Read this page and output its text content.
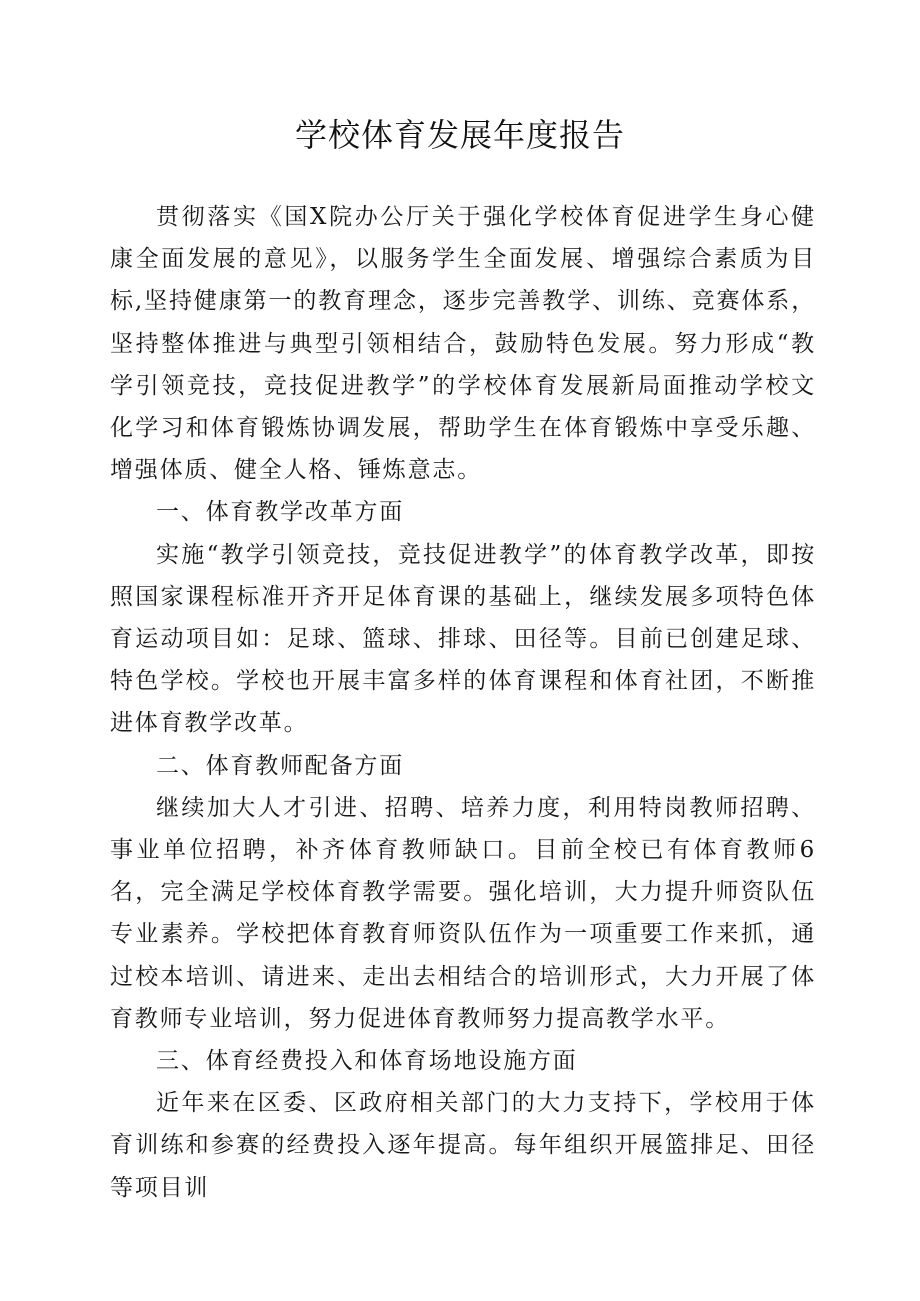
学校体育发展年度报告

贯彻落实《国X院办公厅关于强化学校体育促进学生身心健康全面发展的意见》，以服务学生全面发展、增强综合素质为目标,坚持健康第一的教育理念，逐步完善教学、训练、竞赛体系，坚持整体推进与典型引领相结合，鼓励特色发展。努力形成“教学引领竞技，竞技促进教学”的学校体育发展新局面推动学校文化学习和体育锻炼协调发展，帮助学生在体育锻炼中享受乐趣、增强体质、健全人格、锤炼意志。

一、体育教学改革方面

实施“教学引领竞技，竞技促进教学”的体育教学改革，即按照国家课程标准开齐开足体育课的基础上，继续发展多项特色体育运动项目如：足球、篮球、排球、田径等。目前已创建足球、特色学校。学校也开展丰富多样的体育课程和体育社团，不断推进体育教学改革。

二、体育教师配备方面

继续加大人才引进、招聘、培养力度，利用特岗教师招聘、事业单位招聘，补齐体育教师缺口。目前全校已有体育教师6名，完全满足学校体育教学需要。强化培训，大力提升师资队伍专业素养。学校把体育教育师资队伍作为一项重要工作来抓，通过校本培训、请进来、走出去相结合的培训形式，大力开展了体育教师专业培训，努力促进体育教师努力提高教学水平。

三、体育经费投入和体育场地设施方面

近年来在区委、区政府相关部门的大力支持下，学校用于体育训练和参赛的经费投入逐年提高。每年组织开展篮排足、田径等项目训
